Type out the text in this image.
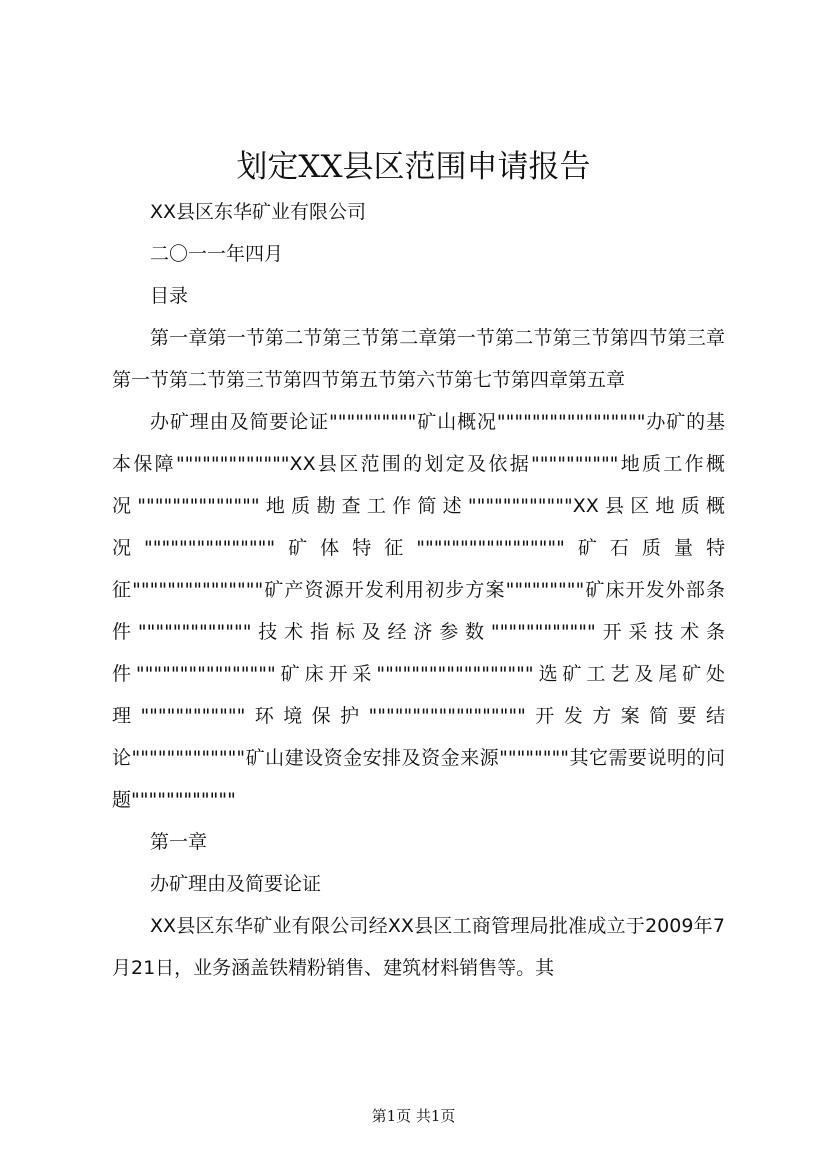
划定XX县区范围申请报告

XX县区东华矿业有限公司

二〇一一年四月

目录

第一章第一节第二节第三节第二章第一节第二节第三节第四节第三章第一节第二节第三节第四节第五节第六节第七节第四章第五章

办矿理由及简要论证""""""""""矿山概况"""""""""""""""""办矿的基本保障"""""""""""""XX县区范围的划定及依据""""""""""地质工作概况""""""""""""""地质勘查工作简述""""""""""""XX县区地质概况"""""""""""""""矿体特征"""""""""""""""""矿石质量特征"""""""""""""""矿产资源开发利用初步方案"""""""""矿床开发外部条件"""""""""""""技术指标及经济参数""""""""""""开采技术条件""""""""""""""""矿床开采""""""""""""""""""选矿工艺及尾矿处理""""""""""""环境保护""""""""""""""""""开发方案简要结论"""""""""""""矿山建设资金安排及资金来源""""""""其它需要说明的问题""""""""""""

第一章

办矿理由及简要论证

XX县区东华矿业有限公司经XX县区工商管理局批准成立于2009年7月21日，业务涵盖铁精粉销售、建筑材料销售等。其

第1页 共1页
